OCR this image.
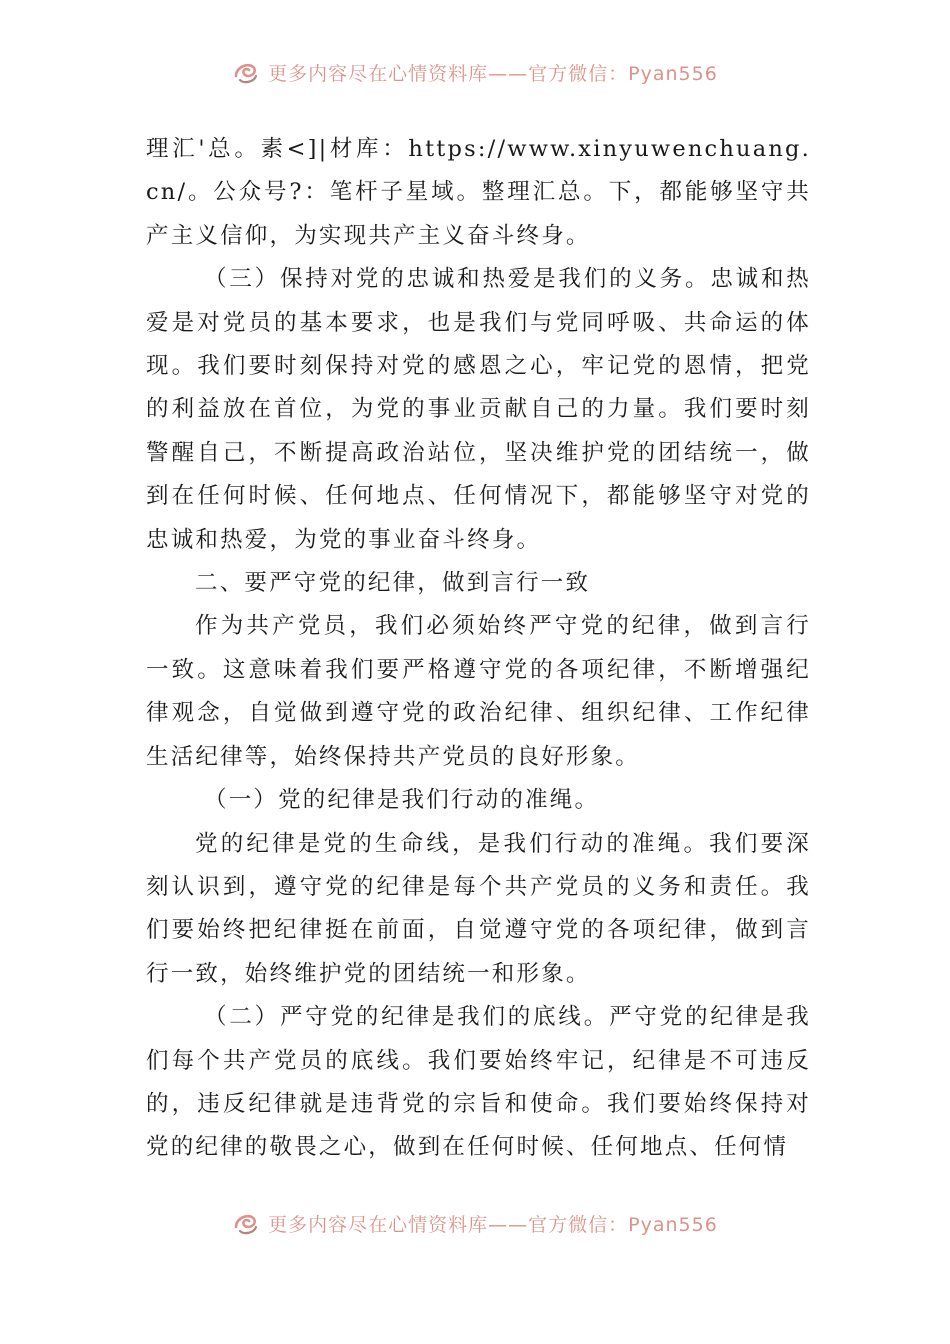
更多内容尽在心情资料库——官方微信：Pyan556

理汇'总。素<]|材库：https://www.xinyuwenchuang.cn/。公众号?：笔杆子星域。整理汇总。下，都能够坚守共产主义信仰，为实现共产主义奋斗终身。

（三）保持对党的忠诚和热爱是我们的义务。忠诚和热爱是对党员的基本要求，也是我们与党同呼吸、共命运的体现。我们要时刻保持对党的感恩之心，牢记党的恩情，把党的利益放在首位，为党的事业贡献自己的力量。我们要时刻警醒自己，不断提高政治站位，坚决维护党的团结统一，做到在任何时候、任何地点、任何情况下，都能够坚守对党的忠诚和热爱，为党的事业奋斗终身。

二、要严守党的纪律，做到言行一致

作为共产党员，我们必须始终严守党的纪律，做到言行一致。这意味着我们要严格遵守党的各项纪律，不断增强纪律观念，自觉做到遵守党的政治纪律、组织纪律、工作纪律生活纪律等，始终保持共产党员的良好形象。

（一）党的纪律是我们行动的准绳。

党的纪律是党的生命线，是我们行动的准绳。我们要深刻认识到，遵守党的纪律是每个共产党员的义务和责任。我们要始终把纪律挺在前面，自觉遵守党的各项纪律，做到言行一致，始终维护党的团结统一和形象。

（二）严守党的纪律是我们的底线。严守党的纪律是我们每个共产党员的底线。我们要始终牢记，纪律是不可违反的，违反纪律就是违背党的宗旨和使命。我们要始终保持对党的纪律的敬畏之心，做到在任何时候、任何地点、任何情

更多内容尽在心情资料库——官方微信：Pyan556
